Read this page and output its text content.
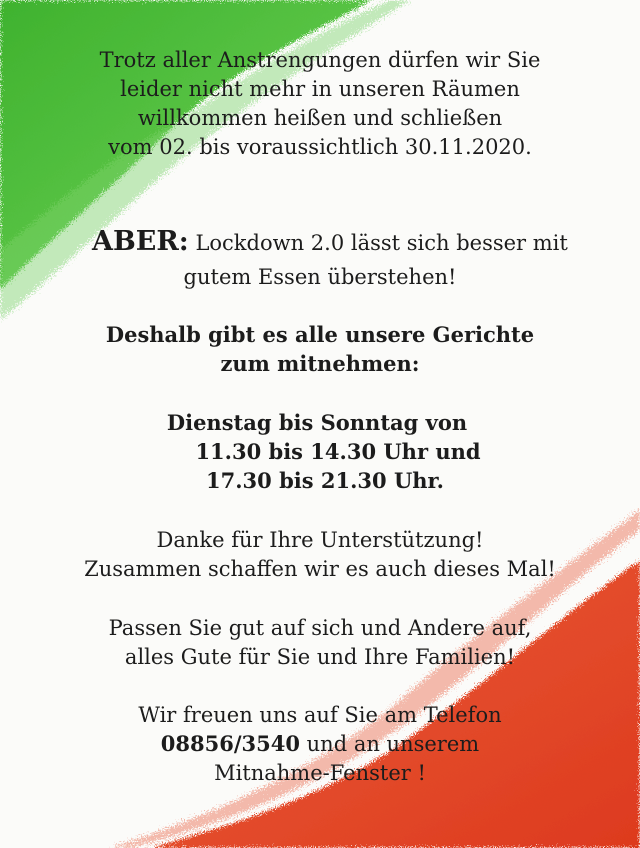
Trotz aller Anstrengungen dürfen wir Sie
leider nicht mehr in unseren Räumen
willkommen heißen und schließen
vom 02. bis voraussichtlich 30.11.2020.
ABER: Lockdown 2.0 lässt sich besser mit
gutem Essen überstehen!
Deshalb gibt es alle unsere Gerichte
zum mitnehmen:
Dienstag bis Sonntag von
11.30 bis 14.30 Uhr und
17.30 bis 21.30 Uhr.
Danke für Ihre Unterstützung!
Zusammen schaffen wir es auch dieses Mal!
Passen Sie gut auf sich und Andere auf,
alles Gute für Sie und Ihre Familien!
Wir freuen uns auf Sie am Telefon
08856/3540 und an unserem
Mitnahme-Fenster !
